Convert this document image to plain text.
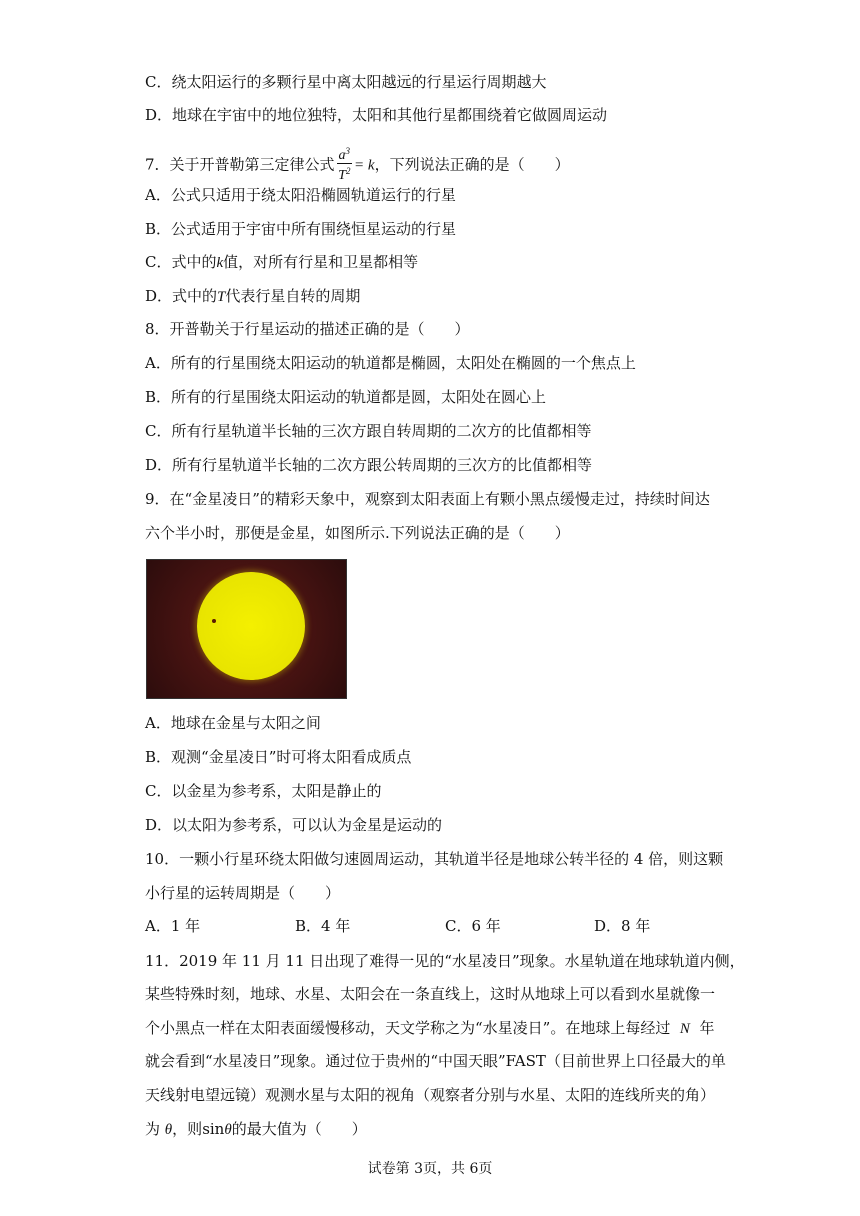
C．绕太阳运行的多颗行星中离太阳越远的行星运行周期越大
D．地球在宇宙中的地位独特，太阳和其他行星都围绕着它做圆周运动
7．关于开普勒第三定律公式 $\frac{a^3}{T^2} = k$，下列说法正确的是（　　）
A．公式只适用于绕太阳沿椭圆轨道运行的行星
B．公式适用于宇宙中所有围绕恒星运动的行星
C．式中的k值，对所有行星和卫星都相等
D．式中的T代表行星自转的周期
8．开普勒关于行星运动的描述正确的是（　　）
A．所有的行星围绕太阳运动的轨道都是椭圆，太阳处在椭圆的一个焦点上
B．所有的行星围绕太阳运动的轨道都是圆，太阳处在圆心上
C．所有行星轨道半长轴的三次方跟自转周期的二次方的比值都相等
D．所有行星轨道半长轴的二次方跟公转周期的三次方的比值都相等
9．在“金星凌日”的精彩天象中，观察到太阳表面上有颗小黑点缓慢走过，持续时间达
六个半小时，那便是金星，如图所示.下列说法正确的是（　　）
A．地球在金星与太阳之间
B．观测“金星凌日”时可将太阳看成质点
C．以金星为参考系，太阳是静止的
D．以太阳为参考系，可以认为金星是运动的
10．一颗小行星环绕太阳做匀速圆周运动，其轨道半径是地球公转半径的 4 倍，则这颗
小行星的运转周期是（　　）
A．1 年	B．4 年	C．6 年	D．8 年
11．2019 年 11 月 11 日出现了难得一见的“水星凌日”现象。水星轨道在地球轨道内侧，
某些特殊时刻，地球、水星、太阳会在一条直线上，这时从地球上可以看到水星就像一
个小黑点一样在太阳表面缓慢移动，天文学称之为“水星凌日”。在地球上每经过 N 年
就会看到“水星凌日”现象。通过位于贵州的“中国天眼”FAST（目前世界上口径最大的单
天线射电望远镜）观测水星与太阳的视角（观察者分别与水星、太阳的连线所夹的角）
为 θ，则sinθ的最大值为（　　）
试卷第 3页，共 6页
